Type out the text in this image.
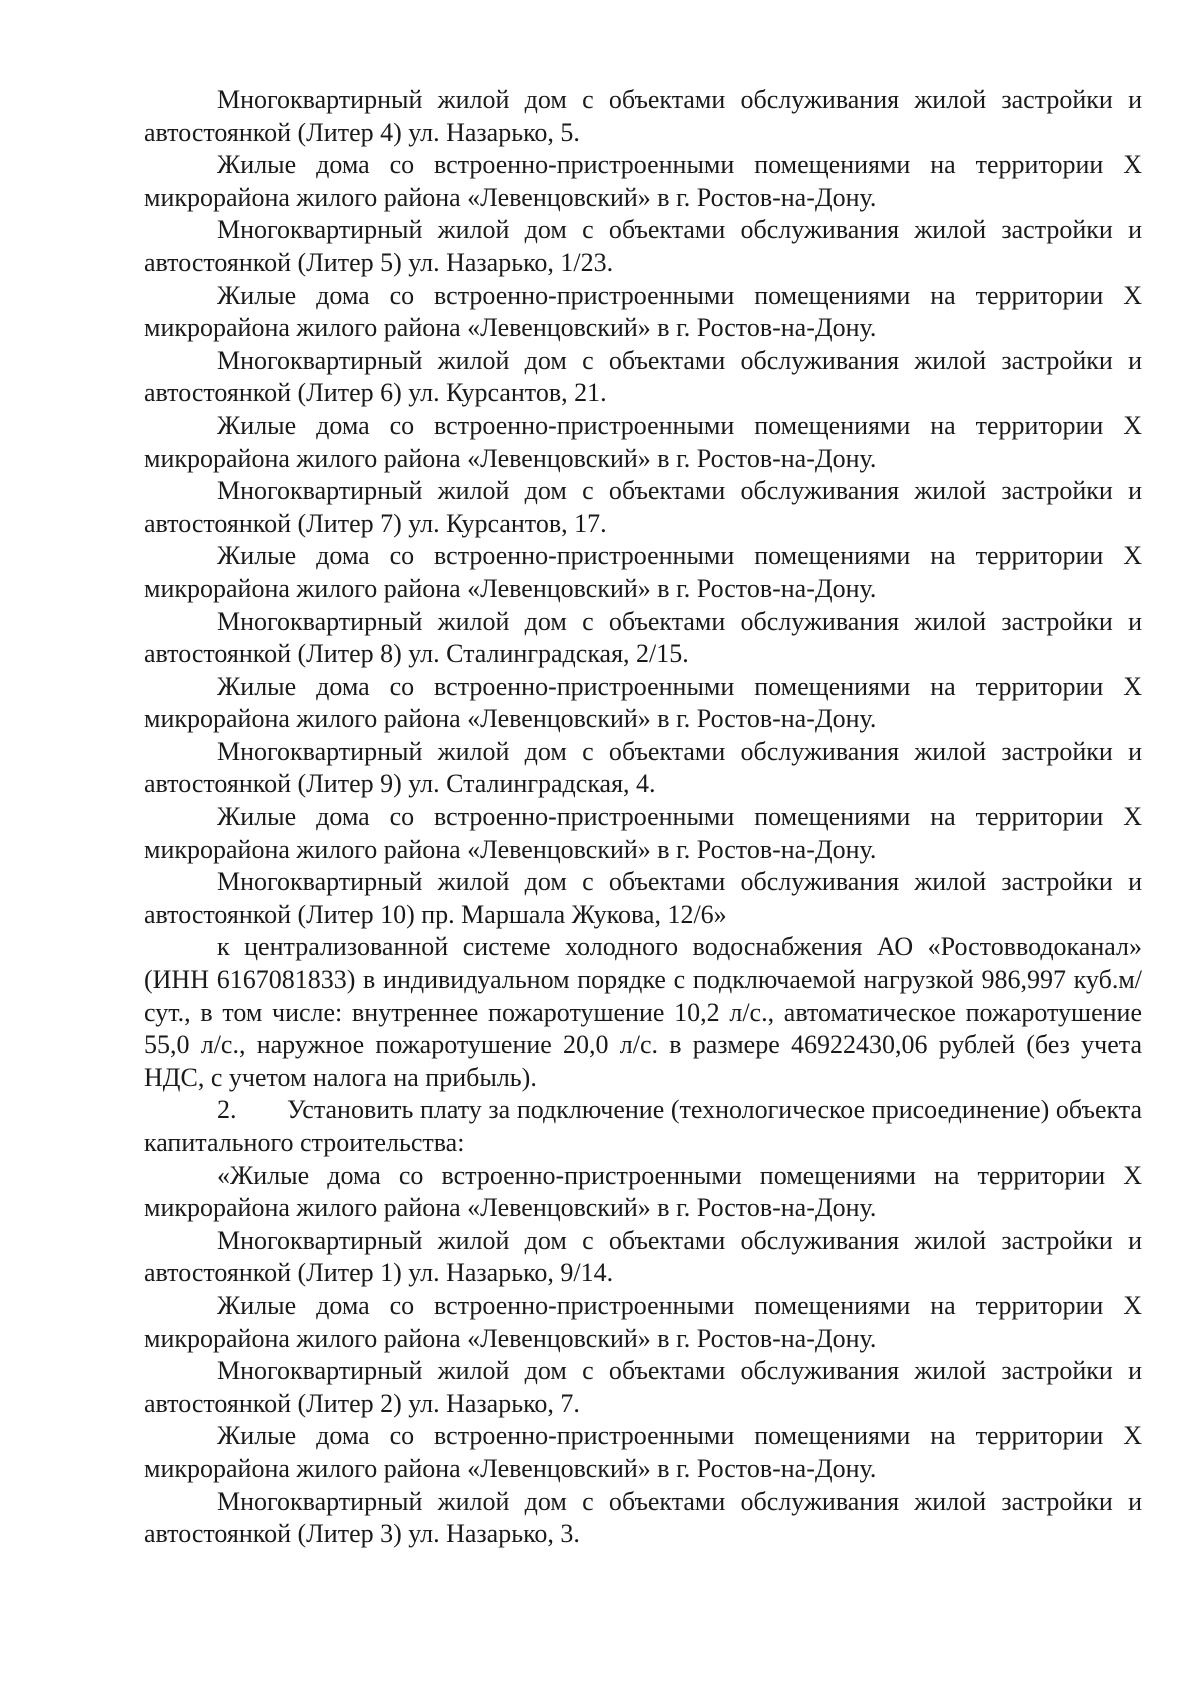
Многоквартирный жилой дом с объектами обслуживания жилой застройки и автостоянкой (Литер 4) ул. Назарько, 5.

Жилые дома со встроенно-пристроенными помещениями на территории X микрорайона жилого района «Левенцовский» в г. Ростов-на-Дону.

Многоквартирный жилой дом с объектами обслуживания жилой застройки и автостоянкой (Литер 5) ул. Назарько, 1/23.

Жилые дома со встроенно-пристроенными помещениями на территории X микрорайона жилого района «Левенцовский» в г. Ростов-на-Дону.

Многоквартирный жилой дом с объектами обслуживания жилой застройки и автостоянкой (Литер 6) ул. Курсантов, 21.

Жилые дома со встроенно-пристроенными помещениями на территории X микрорайона жилого района «Левенцовский» в г. Ростов-на-Дону.

Многоквартирный жилой дом с объектами обслуживания жилой застройки и автостоянкой (Литер 7) ул. Курсантов, 17.

Жилые дома со встроенно-пристроенными помещениями на территории X микрорайона жилого района «Левенцовский» в г. Ростов-на-Дону.

Многоквартирный жилой дом с объектами обслуживания жилой застройки и автостоянкой (Литер 8) ул. Сталинградская, 2/15.

Жилые дома со встроенно-пристроенными помещениями на территории X микрорайона жилого района «Левенцовский» в г. Ростов-на-Дону.

Многоквартирный жилой дом с объектами обслуживания жилой застройки и автостоянкой (Литер 9) ул. Сталинградская, 4.

Жилые дома со встроенно-пристроенными помещениями на территории X микрорайона жилого района «Левенцовский» в г. Ростов-на-Дону.

Многоквартирный жилой дом с объектами обслуживания жилой застройки и автостоянкой (Литер 10) пр. Маршала Жукова, 12/6»

к централизованной системе холодного водоснабжения АО «Ростовводоканал» (ИНН 6167081833) в индивидуальном порядке с подключаемой нагрузкой 986,997 куб.м/сут., в том числе: внутреннее пожаротушение 10,2 л/с., автоматическое пожаротушение 55,0 л/с., наружное пожаротушение 20,0 л/с. в размере 46922430,06 рублей (без учета НДС, с учетом налога на прибыль).

2. Установить плату за подключение (технологическое присоединение) объекта капитального строительства:

«Жилые дома со встроенно-пристроенными помещениями на территории X микрорайона жилого района «Левенцовский» в г. Ростов-на-Дону.

Многоквартирный жилой дом с объектами обслуживания жилой застройки и автостоянкой (Литер 1) ул. Назарько, 9/14.

Жилые дома со встроенно-пристроенными помещениями на территории X микрорайона жилого района «Левенцовский» в г. Ростов-на-Дону.

Многоквартирный жилой дом с объектами обслуживания жилой застройки и автостоянкой (Литер 2) ул. Назарько, 7.

Жилые дома со встроенно-пристроенными помещениями на территории X микрорайона жилого района «Левенцовский» в г. Ростов-на-Дону.

Многоквартирный жилой дом с объектами обслуживания жилой застройки и автостоянкой (Литер 3) ул. Назарько, 3.
